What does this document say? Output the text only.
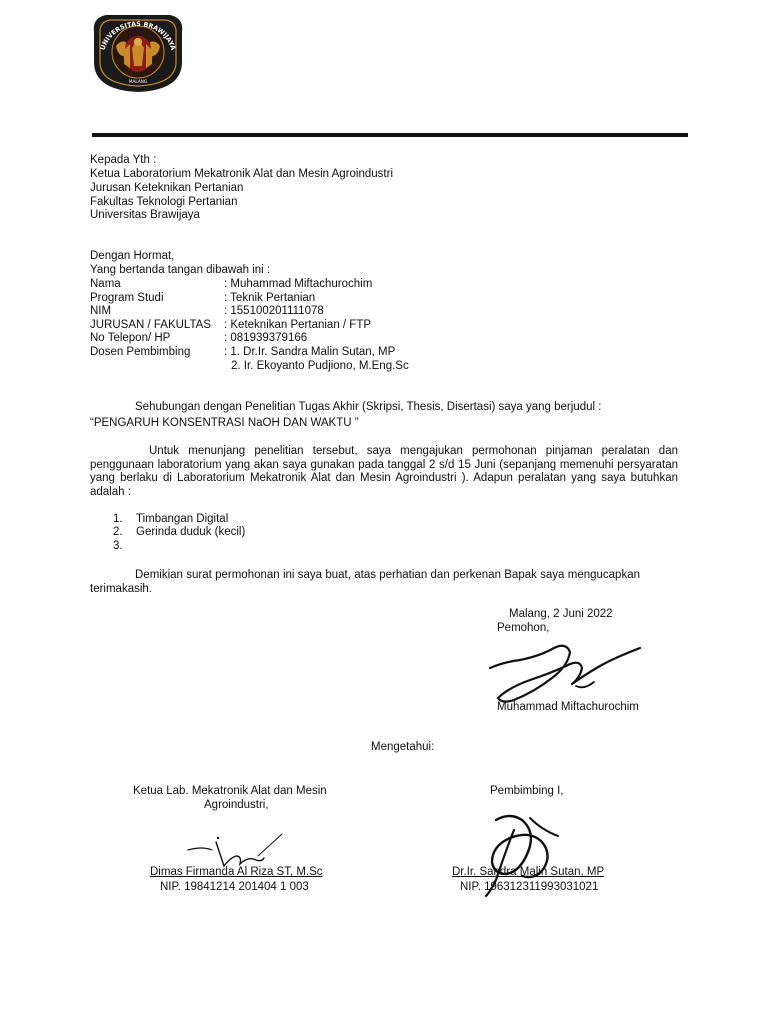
UNIVERSITAS BRAWIJAYA
MALANG
Kepada Yth :
Ketua Laboratorium Mekatronik Alat dan Mesin Agroindustri
Jurusan Keteknikan Pertanian
Fakultas Teknologi Pertanian
Universitas Brawijaya
Dengan Hormat,
Yang bertanda tangan dibawah ini :
Nama	: Muhammad Miftachurochim
Program Studi	: Teknik Pertanian
NIM	: 155100201111078
JURUSAN / FAKULTAS : Keteknikan Pertanian / FTP
No Telepon/ HP	: 081939379166
Dosen Pembimbing	: 1. Dr.Ir. Sandra Malin Sutan, MP
2. Ir. Ekoyanto Pudjiono, M.Eng.Sc
Sehubungan dengan Penelitian Tugas Akhir (Skripsi, Thesis, Disertasi) saya yang berjudul :
“PENGARUH KONSENTRASI NaOH DAN WAKTU ”
Untuk menunjang penelitian tersebut, saya mengajukan permohonan pinjaman peralatan dan penggunaan laboratorium yang akan saya gunakan pada tanggal 2 s/d 15 Juni (sepanjang memenuhi persyaratan yang berlaku di Laboratorium Mekatronik Alat dan Mesin Agroindustri ). Adapun peralatan yang saya butuhkan adalah :
1. Timbangan Digital
2. Gerinda duduk (kecil)
3.
Demikian surat permohonan ini saya buat, atas perhatian dan perkenan Bapak saya mengucapkan terimakasih.
Malang, 2 Juni 2022
Pemohon,
Muhammad Miftachurochim
Mengetahui:
Ketua Lab. Mekatronik Alat dan Mesin
Agroindustri,
Dimas Firmanda Al Riza ST, M.Sc
NIP. 19841214 201404 1 003
Pembimbing I,
Dr.Ir. Sandra Malin Sutan, MP
NIP. 196312311993031021
